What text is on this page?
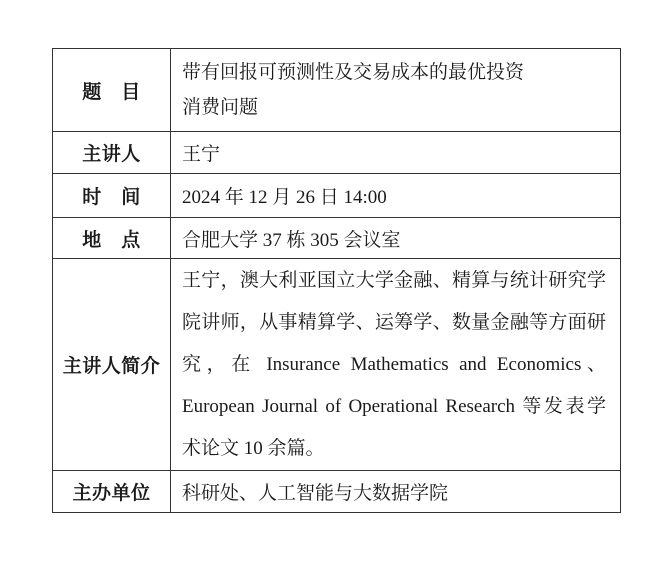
题　目	带有回报可预测性及交易成本的最优投资
消费问题

主讲人	王宁
时　间	2024 年 12 月 26 日 14:00
地　点	合肥大学 37 栋 305 会议室
主讲人简介	王宁，澳大利亚国立大学金融、精算与统计研究学
院讲师，从事精算学、运筹学、数量金融等方面研
究，在 Insurance Mathematics and Economics、
European Journal of Operational Research 等发表学
术论文 10 余篇。

主办单位	科研处、人工智能与大数据学院
